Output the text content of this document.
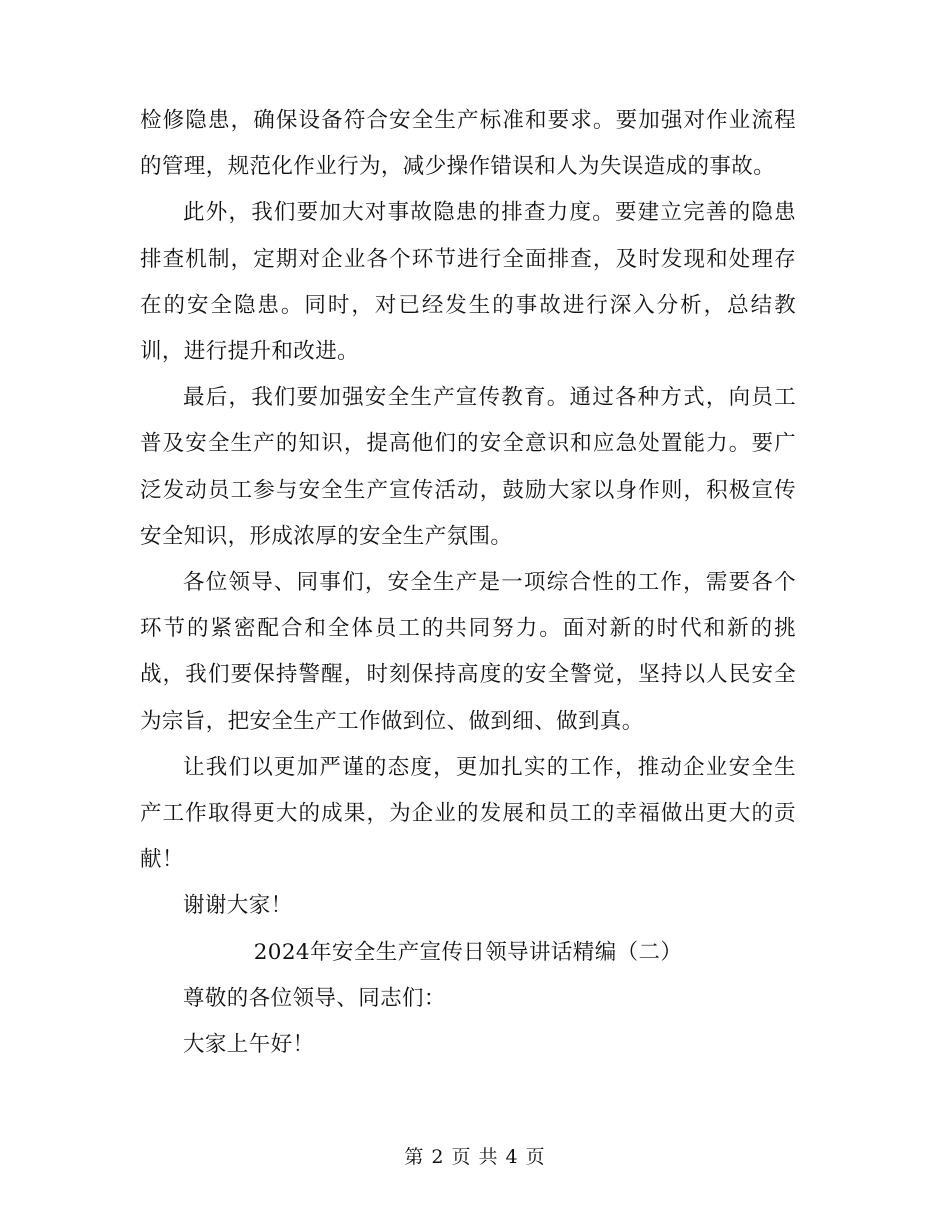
检修隐患，确保设备符合安全生产标准和要求。要加强对作业流程的管理，规范化作业行为，减少操作错误和人为失误造成的事故。

此外，我们要加大对事故隐患的排查力度。要建立完善的隐患排查机制，定期对企业各个环节进行全面排查，及时发现和处理存在的安全隐患。同时，对已经发生的事故进行深入分析，总结教训，进行提升和改进。

最后，我们要加强安全生产宣传教育。通过各种方式，向员工普及安全生产的知识，提高他们的安全意识和应急处置能力。要广泛发动员工参与安全生产宣传活动，鼓励大家以身作则，积极宣传安全知识，形成浓厚的安全生产氛围。

各位领导、同事们，安全生产是一项综合性的工作，需要各个环节的紧密配合和全体员工的共同努力。面对新的时代和新的挑战，我们要保持警醒，时刻保持高度的安全警觉，坚持以人民安全为宗旨，把安全生产工作做到位、做到细、做到真。

让我们以更加严谨的态度，更加扎实的工作，推动企业安全生产工作取得更大的成果，为企业的发展和员工的幸福做出更大的贡献！

谢谢大家！

2024年安全生产宣传日领导讲话精编（二）

尊敬的各位领导、同志们：

大家上午好！

第 2 页 共 4 页
